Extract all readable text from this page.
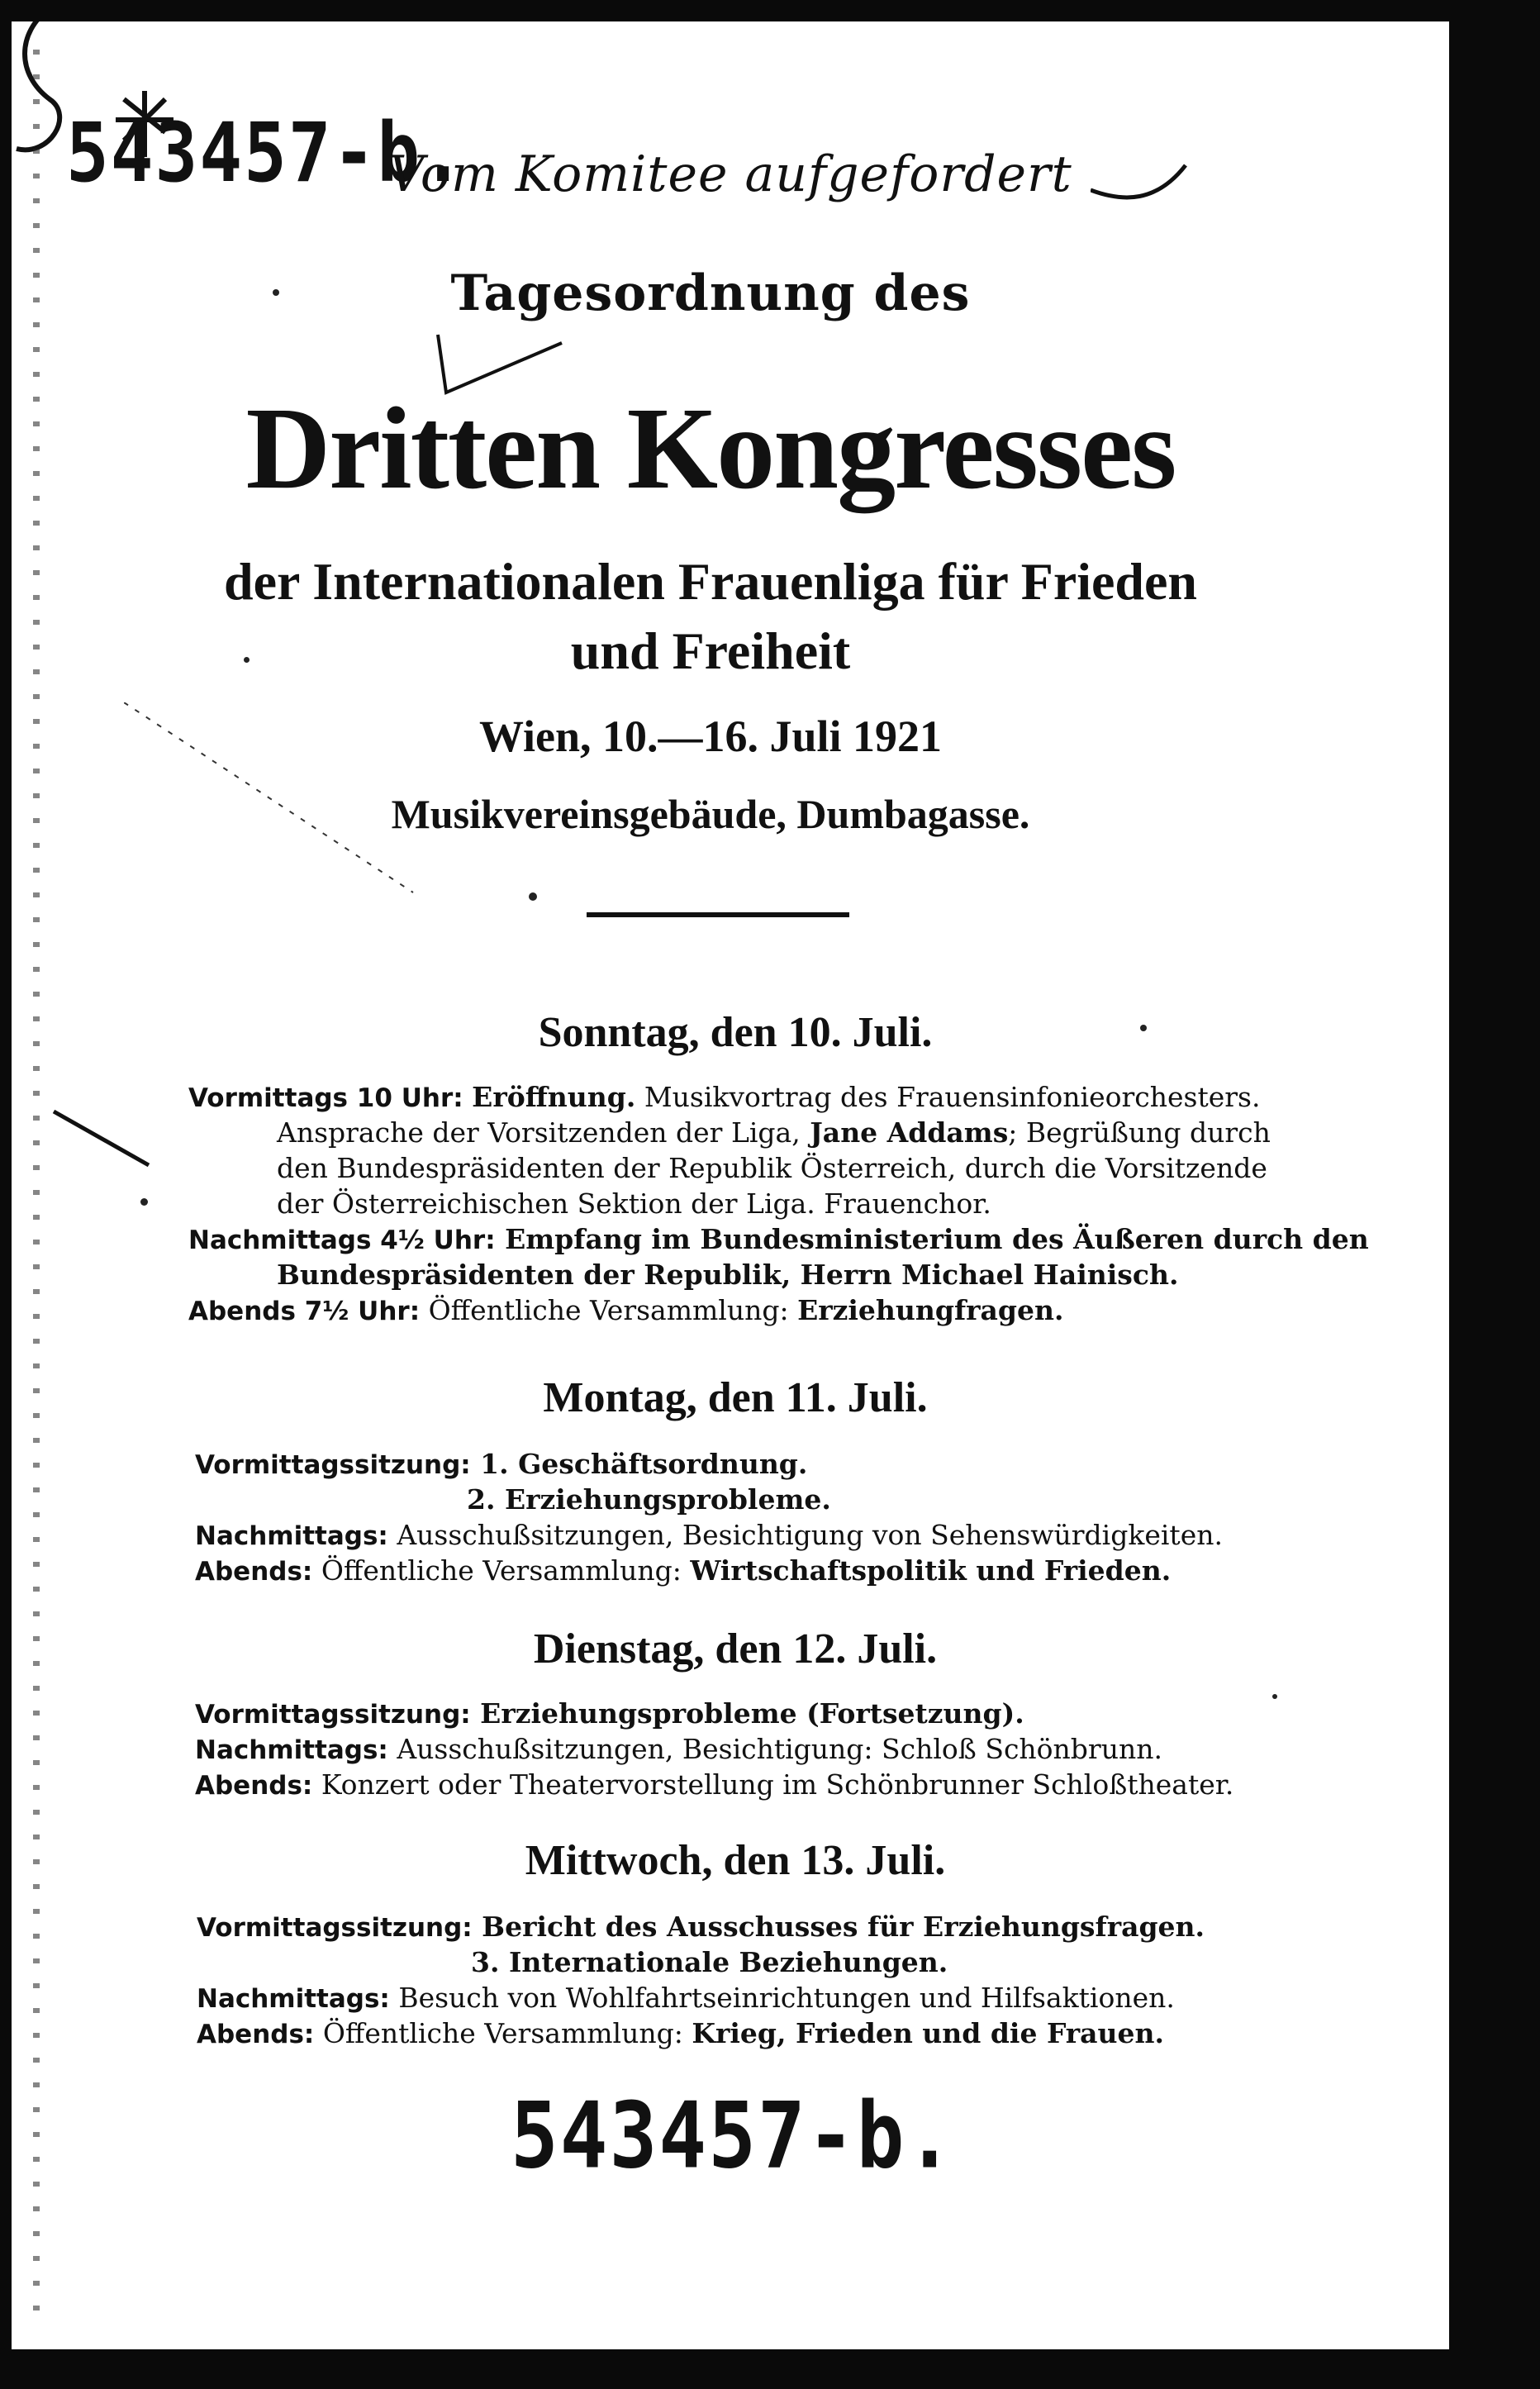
543457-b.
Vom Komitee aufgefordert
Tagesordnung des
Dritten Kongresses
der Internationalen Frauenliga für Frieden
und Freiheit
Wien, 10.—16. Juli 1921
Musikvereinsgebäude, Dumbagasse.
Sonntag, den 10. Juli.
Vormittags 10 Uhr: Eröffnung. Musikvortrag des Frauensinfonieorchesters.
Ansprache der Vorsitzenden der Liga, Jane Addams; Begrüßung durch
den Bundespräsidenten der Republik Österreich, durch die Vorsitzende
der Österreichischen Sektion der Liga. Frauenchor.
Nachmittags 4½ Uhr: Empfang im Bundesministerium des Äußeren durch den
Bundespräsidenten der Republik, Herrn Michael Hainisch.
Abends 7½ Uhr: Öffentliche Versammlung: Erziehungfragen.
Montag, den 11. Juli.
Vormittagssitzung: 1. Geschäftsordnung.
2. Erziehungsprobleme.
Nachmittags: Ausschußsitzungen, Besichtigung von Sehenswürdigkeiten.
Abends: Öffentliche Versammlung: Wirtschaftspolitik und Frieden.
Dienstag, den 12. Juli.
Vormittagssitzung: Erziehungsprobleme (Fortsetzung).
Nachmittags: Ausschußsitzungen, Besichtigung: Schloß Schönbrunn.
Abends: Konzert oder Theatervorstellung im Schönbrunner Schloßtheater.
Mittwoch, den 13. Juli.
Vormittagssitzung: Bericht des Ausschusses für Erziehungsfragen.
3. Internationale Beziehungen.
Nachmittags: Besuch von Wohlfahrtseinrichtungen und Hilfsaktionen.
Abends: Öffentliche Versammlung: Krieg, Frieden und die Frauen.
543457-b.
